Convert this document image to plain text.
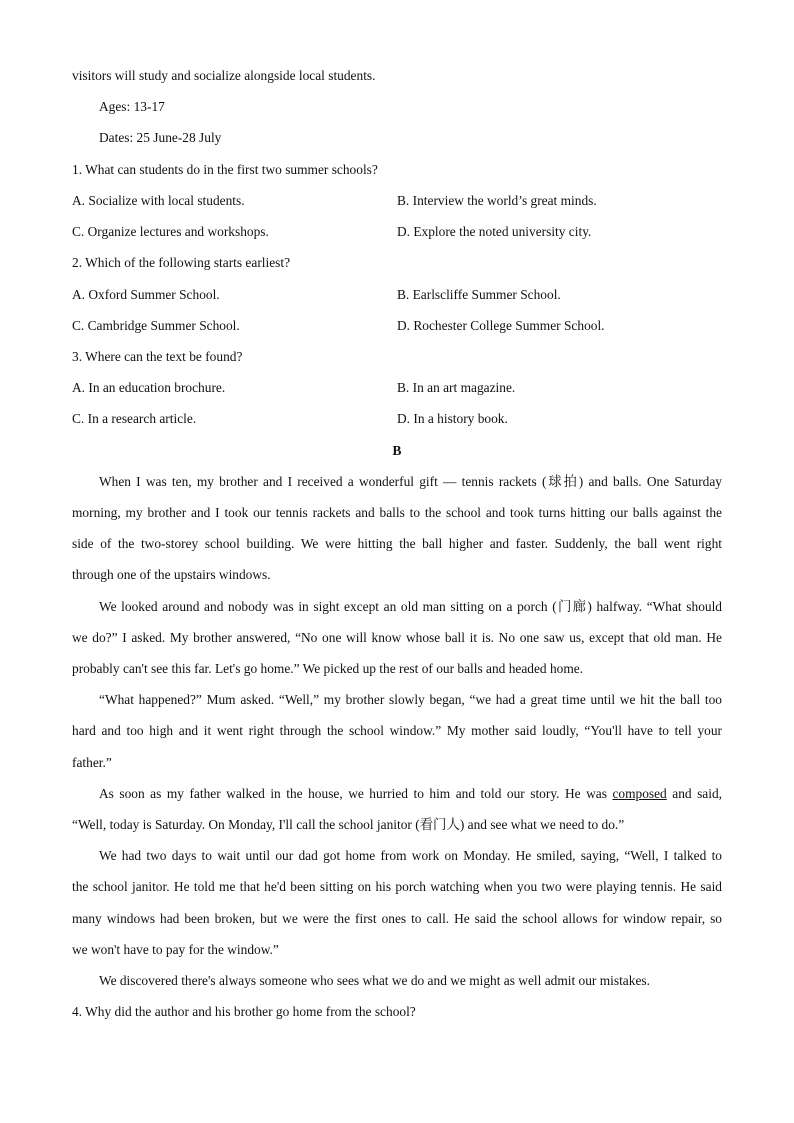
visitors will study and socialize alongside local students.
Ages: 13-17
Dates: 25 June-28 July
1. What can students do in the first two summer schools?
A. Socialize with local students.	B. Interview the world’s great minds.
C. Organize lectures and workshops.	D. Explore the noted university city.
2. Which of the following starts earliest?
A. Oxford Summer School.	B. Earlscliffe Summer School.
C. Cambridge Summer School.	D. Rochester College Summer School.
3. Where can the text be found?
A. In an education brochure.	B. In an art magazine.
C. In a research article.	D. In a history book.
B
When I was ten, my brother and I received a wonderful gift — tennis rackets (球拍) and balls. One Saturday
morning, my brother and I took our tennis rackets and balls to the school and took turns hitting our balls against the
side of the two-storey school building. We were hitting the ball higher and faster. Suddenly, the ball went right
through one of the upstairs windows.
We looked around and nobody was in sight except an old man sitting on a porch (门廊) halfway. “What should
we do?” I asked. My brother answered, “No one will know whose ball it is. No one saw us, except that old man. He
probably can't see this far. Let's go home.” We picked up the rest of our balls and headed home.
“What happened?” Mum asked. “Well,” my brother slowly began, “we had a great time until we hit the ball too
hard and too high and it went right through the school window.” My mother said loudly, “You'll have to tell your
father.”
As soon as my father walked in the house, we hurried to him and told our story. He was composed and said,
“Well, today is Saturday. On Monday, I'll call the school janitor (看门人) and see what we need to do.”
We had two days to wait until our dad got home from work on Monday. He smiled, saying, “Well, I talked to
the school janitor. He told me that he'd been sitting on his porch watching when you two were playing tennis. He said
many windows had been broken, but we were the first ones to call. He said the school allows for window repair, so
we won't have to pay for the window.”
We discovered there's always someone who sees what we do and we might as well admit our mistakes.
4. Why did the author and his brother go home from the school?
